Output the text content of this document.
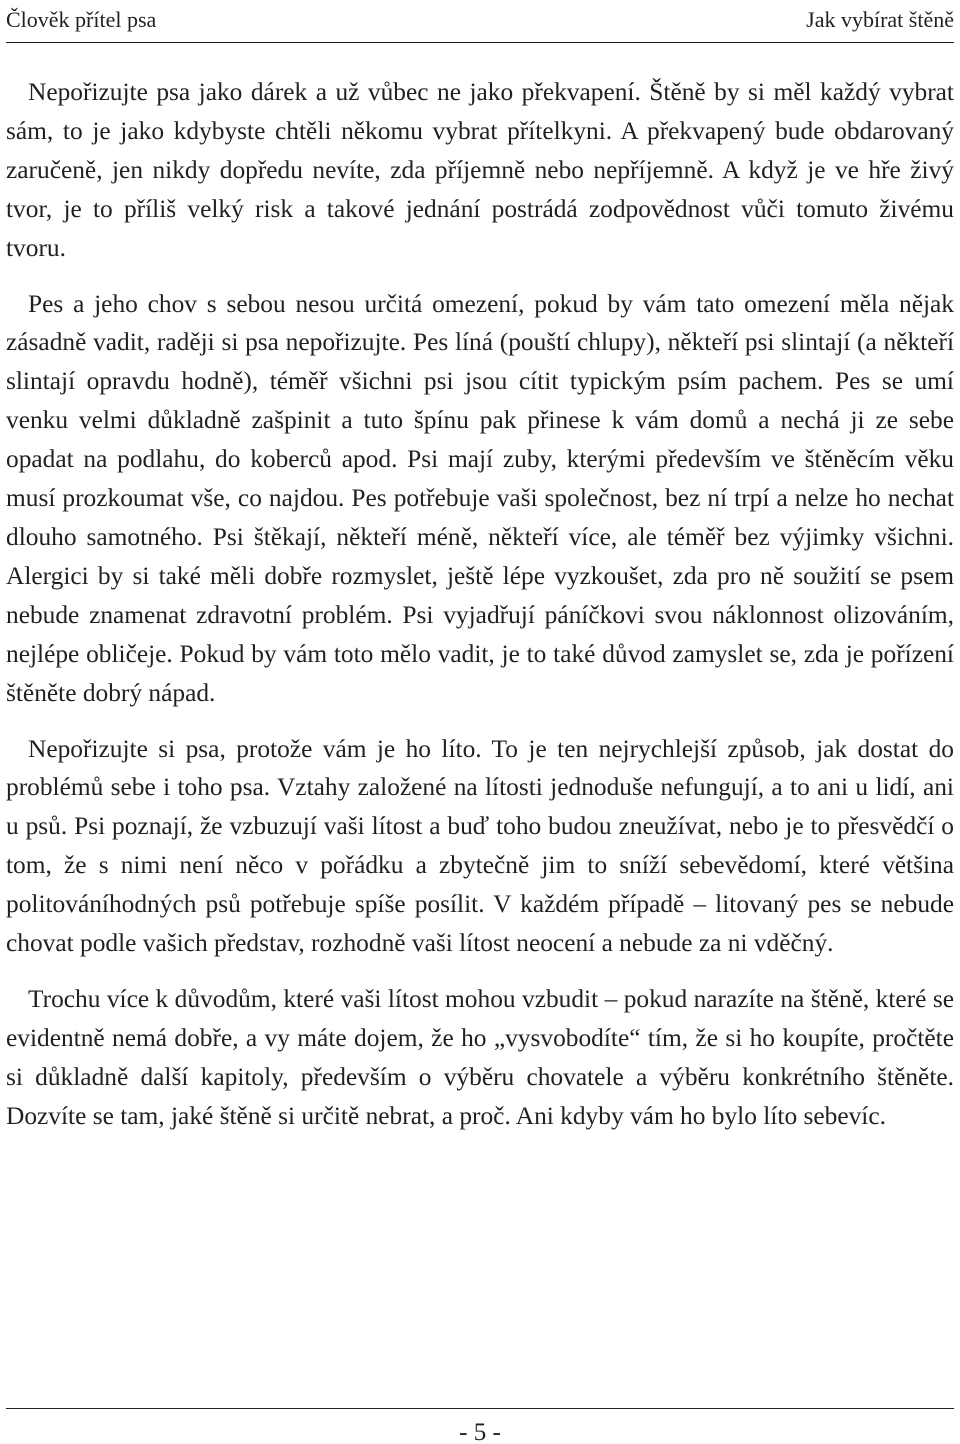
Člověk přítel psa	Jak vybírat štěně

Nepořizujte psa jako dárek a už vůbec ne jako překvapení. Štěně by si měl každý vybrat sám, to je jako kdybyste chtěli někomu vybrat přítelkyni. A překvapený bude obdarovaný zaručeně, jen nikdy dopředu nevíte, zda příjemně nebo nepříjemně. A když je ve hře živý tvor, je to příliš velký risk a takové jednání postrádá zodpovědnost vůči tomuto živému tvoru.

Pes a jeho chov s sebou nesou určitá omezení, pokud by vám tato omezení měla nějak zásadně vadit, raději si psa nepořizujte. Pes líná (pouští chlupy), někteří psi slintají (a někteří slintají opravdu hodně), téměř všichni psi jsou cítit typickým psím pachem. Pes se umí venku velmi důkladně zašpinit a tuto špínu pak přinese k vám domů a nechá ji ze sebe opadat na podlahu, do koberců apod. Psi mají zuby, kterými především ve štěněcím věku musí prozkoumat vše, co najdou. Pes potřebuje vaši společnost, bez ní trpí a nelze ho nechat dlouho samotného. Psi štěkají, někteří méně, někteří více, ale téměř bez výjimky všichni. Alergici by si také měli dobře rozmyslet, ještě lépe vyzkoušet, zda pro ně soužití se psem nebude znamenat zdravotní problém. Psi vyjadřují páníčkovi svou náklonnost olizováním, nejlépe obličeje. Pokud by vám toto mělo vadit, je to také důvod zamyslet se, zda je pořízení štěněte dobrý nápad.

Nepořizujte si psa, protože vám je ho líto. To je ten nejrychlejší způsob, jak dostat do problémů sebe i toho psa. Vztahy založené na lítosti jednoduše nefungují, a to ani u lidí, ani u psů. Psi poznají, že vzbuzují vaši lítost a buď toho budou zneužívat, nebo je to přesvědčí o tom, že s nimi není něco v pořádku a zbytečně jim to sníží sebevědomí, které většina politováníhodných psů potřebuje spíše posílit. V každém případě – litovaný pes se nebude chovat podle vašich představ, rozhodně vaši lítost neocení a nebude za ni vděčný.

Trochu více k důvodům, které vaši lítost mohou vzbudit – pokud narazíte na štěně, které se evidentně nemá dobře, a vy máte dojem, že ho „vysvobodíte“ tím, že si ho koupíte, pročtěte si důkladně další kapitoly, především o výběru chovatele a výběru konkrétního štěněte. Dozvíte se tam, jaké štěně si určitě nebrat, a proč. Ani kdyby vám ho bylo líto sebevíc.

- 5 -
